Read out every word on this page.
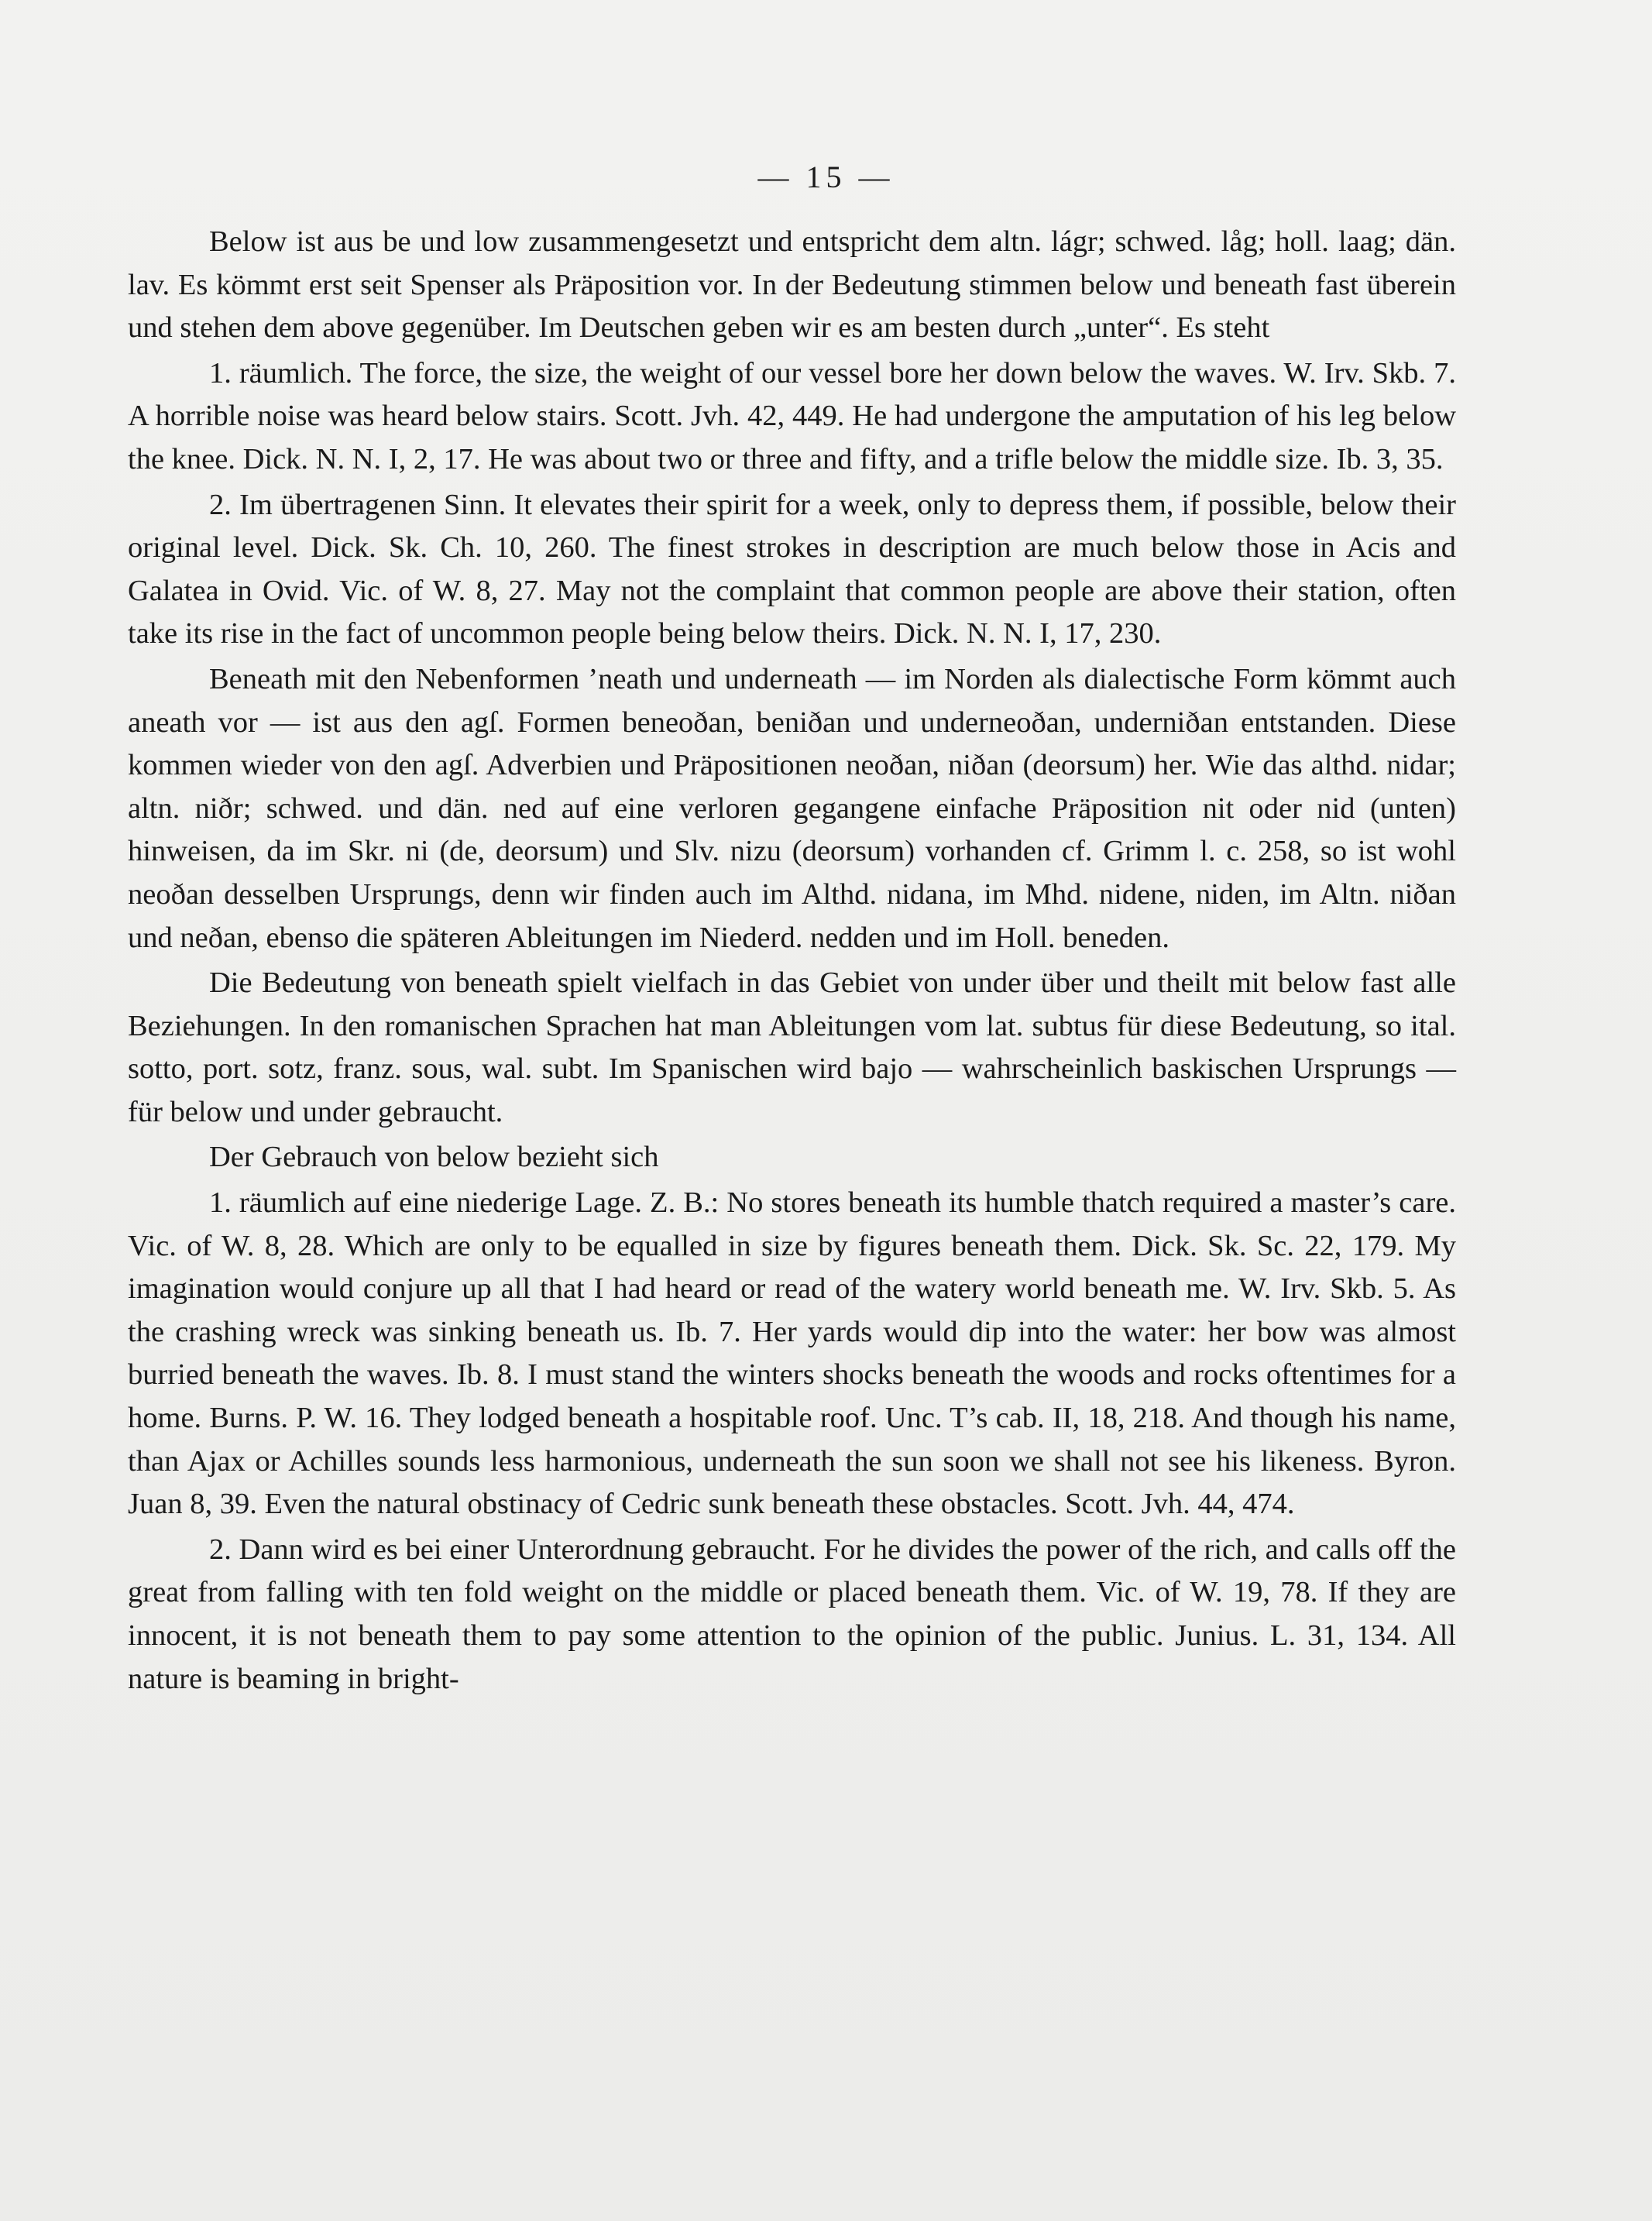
— 15 —

Below ist aus be und low zusammengesetzt und entspricht dem altn. lágr; schwed. låg; holl. laag; dän. lav. Es kömmt erst seit Spenser als Präposition vor. In der Bedeutung stimmen below und beneath fast überein und stehen dem above gegenüber. Im Deutschen geben wir es am besten durch „unter“. Es steht

1. räumlich. The force, the size, the weight of our vessel bore her down below the waves. W. Irv. Skb. 7. A horrible noise was heard below stairs. Scott. Jvh. 42, 449. He had undergone the amputation of his leg below the knee. Dick. N. N. I, 2, 17. He was about two or three and fifty, and a trifle below the middle size. Ib. 3, 35.

2. Im übertragenen Sinn. It elevates their spirit for a week, only to depress them, if possible, below their original level. Dick. Sk. Ch. 10, 260. The finest strokes in description are much below those in Acis and Galatea in Ovid. Vic. of W. 8, 27. May not the complaint that common people are above their station, often take its rise in the fact of uncommon people being below theirs. Dick. N. N. I, 17, 230.

Beneath mit den Nebenformen ’neath und underneath — im Norden als dialectische Form kömmt auch aneath vor — ist aus den agſ. Formen beneoðan, beniðan und underneoðan, underniðan entstanden. Diese kommen wieder von den agſ. Adverbien und Präpositionen neoðan, niðan (deorsum) her. Wie das althd. nidar; altn. niðr; schwed. und dän. ned auf eine verloren gegangene einfache Präposition nit oder nid (unten) hinweisen, da im Skr. ni (de, deorsum) und Slv. nizu (deorsum) vorhanden cf. Grimm l. c. 258, so ist wohl neoðan desselben Ursprungs, denn wir finden auch im Althd. nidana, im Mhd. nidene, niden, im Altn. niðan und neðan, ebenso die späteren Ableitungen im Niederd. nedden und im Holl. beneden.

Die Bedeutung von beneath spielt vielfach in das Gebiet von under über und theilt mit below fast alle Beziehungen. In den romanischen Sprachen hat man Ableitungen vom lat. subtus für diese Bedeutung, so ital. sotto, port. sotz, franz. sous, wal. subt. Im Spanischen wird bajo — wahrscheinlich baskischen Ursprungs — für below und under gebraucht.

Der Gebrauch von below bezieht sich

1. räumlich auf eine niederige Lage. Z. B.: No stores beneath its humble thatch required a master’s care. Vic. of W. 8, 28. Which are only to be equalled in size by figures beneath them. Dick. Sk. Sc. 22, 179. My imagination would conjure up all that I had heard or read of the watery world beneath me. W. Irv. Skb. 5. As the crashing wreck was sinking beneath us. Ib. 7. Her yards would dip into the water: her bow was almost burried beneath the waves. Ib. 8. I must stand the winters shocks beneath the woods and rocks oftentimes for a home. Burns. P. W. 16. They lodged beneath a hospitable roof. Unc. T’s cab. II, 18, 218. And though his name, than Ajax or Achilles sounds less harmonious, underneath the sun soon we shall not see his likeness. Byron. Juan 8, 39. Even the natural obstinacy of Cedric sunk beneath these obstacles. Scott. Jvh. 44, 474.

2. Dann wird es bei einer Unterordnung gebraucht. For he divides the power of the rich, and calls off the great from falling with ten fold weight on the middle or placed beneath them. Vic. of W. 19, 78. If they are innocent, it is not beneath them to pay some attention to the opinion of the public. Junius. L. 31, 134. All nature is beaming in bright-
